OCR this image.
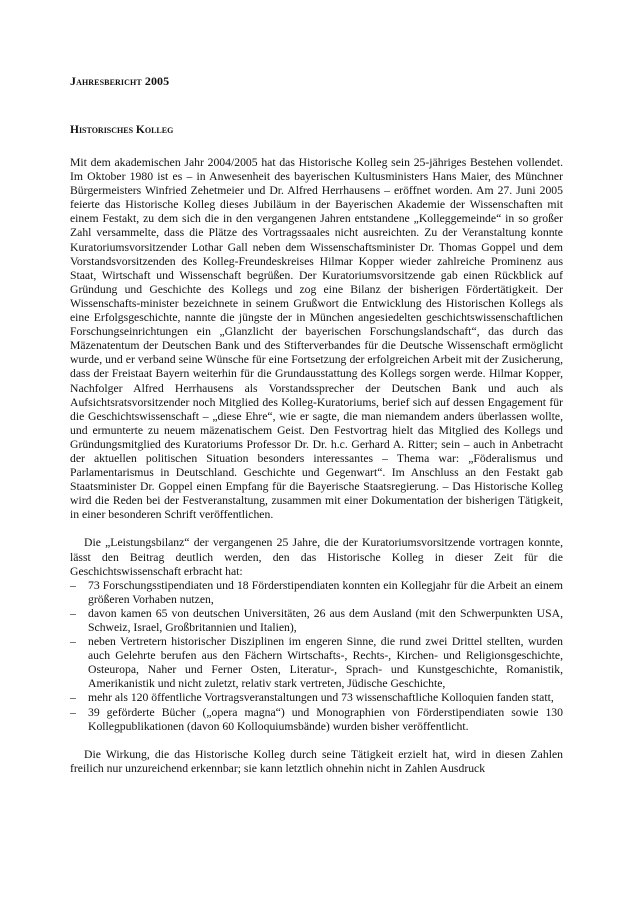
Jahresbericht 2005
Historisches Kolleg

Mit dem akademischen Jahr 2004/2005 hat das Historische Kolleg sein 25-jähriges Bestehen vollendet. Im Oktober 1980 ist es – in Anwesenheit des bayerischen Kultusministers Hans Maier, des Münchner Bürgermeisters Winfried Zehetmeier und Dr. Alfred Herrhausens – eröffnet worden. Am 27. Juni 2005 feierte das Historische Kolleg dieses Jubiläum in der Bayerischen Akademie der Wissenschaften mit einem Festakt, zu dem sich die in den vergangenen Jahren entstandene „Kolleggemeinde“ in so großer Zahl versammelte, dass die Plätze des Vortragssaales nicht ausreichten. Zu der Veranstaltung konnte Kuratoriumsvorsitzender Lothar Gall neben dem Wissenschaftsminister Dr. Thomas Goppel und dem Vorstandsvorsitzenden des Kolleg-Freundeskreises Hilmar Kopper wieder zahlreiche Prominenz aus Staat, Wirtschaft und Wissenschaft begrüßen. Der Kuratoriumsvorsitzende gab einen Rückblick auf Gründung und Geschichte des Kollegs und zog eine Bilanz der bisherigen Fördertätigkeit. Der Wissenschafts-minister bezeichnete in seinem Grußwort die Entwicklung des Historischen Kollegs als eine Erfolgsgeschichte, nannte die jüngste der in München angesiedelten geschichtswissenschaftlichen Forschungseinrichtungen ein „Glanzlicht der bayerischen Forschungslandschaft“, das durch das Mäzenatentum der Deutschen Bank und des Stifterverbandes für die Deutsche Wissenschaft ermöglicht wurde, und er verband seine Wünsche für eine Fortsetzung der erfolgreichen Arbeit mit der Zusicherung, dass der Freistaat Bayern weiterhin für die Grundausstattung des Kollegs sorgen werde. Hilmar Kopper, Nachfolger Alfred Herrhausens als Vorstandssprecher der Deutschen Bank und auch als Aufsichtsratsvorsitzender noch Mitglied des Kolleg-Kuratoriums, berief sich auf dessen Engagement für die Geschichtswissenschaft – „diese Ehre“, wie er sagte, die man niemandem anders überlassen wollte, und ermunterte zu neuem mäzenatischem Geist. Den Festvortrag hielt das Mitglied des Kollegs und Gründungsmitglied des Kuratoriums Professor Dr. Dr. h.c. Gerhard A. Ritter; sein – auch in Anbetracht der aktuellen politischen Situation besonders interessantes – Thema war: „Föderalismus und Parlamentarismus in Deutschland. Geschichte und Gegenwart“. Im Anschluss an den Festakt gab Staatsminister Dr. Goppel einen Empfang für die Bayerische Staatsregierung. – Das Historische Kolleg wird die Reden bei der Festveranstaltung, zusammen mit einer Dokumentation der bisherigen Tätigkeit, in einer besonderen Schrift veröffentlichen.

Die „Leistungsbilanz“ der vergangenen 25 Jahre, die der Kuratoriumsvorsitzende vortragen konnte, lässt den Beitrag deutlich werden, den das Historische Kolleg in dieser Zeit für die Geschichtswissenschaft erbracht hat:

– 73 Forschungsstipendiaten und 18 Förderstipendiaten konnten ein Kollegjahr für die Arbeit an einem größeren Vorhaben nutzen,
– davon kamen 65 von deutschen Universitäten, 26 aus dem Ausland (mit den Schwerpunkten USA, Schweiz, Israel, Großbritannien und Italien),
– neben Vertretern historischer Disziplinen im engeren Sinne, die rund zwei Drittel stellten, wurden auch Gelehrte berufen aus den Fächern Wirtschafts-, Rechts-, Kirchen- und Religionsgeschichte, Osteuropa, Naher und Ferner Osten, Literatur-, Sprach- und Kunstgeschichte, Romanistik, Amerikanistik und nicht zuletzt, relativ stark vertreten, Jüdische Geschichte,
– mehr als 120 öffentliche Vortragsveranstaltungen und 73 wissenschaftliche Kolloquien fanden statt,
– 39 geförderte Bücher („opera magna“) und Monographien von Förderstipendiaten sowie 130 Kollegpublikationen (davon 60 Kolloquiumsbände) wurden bisher veröffentlicht.

Die Wirkung, die das Historische Kolleg durch seine Tätigkeit erzielt hat, wird in diesen Zahlen freilich nur unzureichend erkennbar; sie kann letztlich ohnehin nicht in Zahlen Ausdruck
